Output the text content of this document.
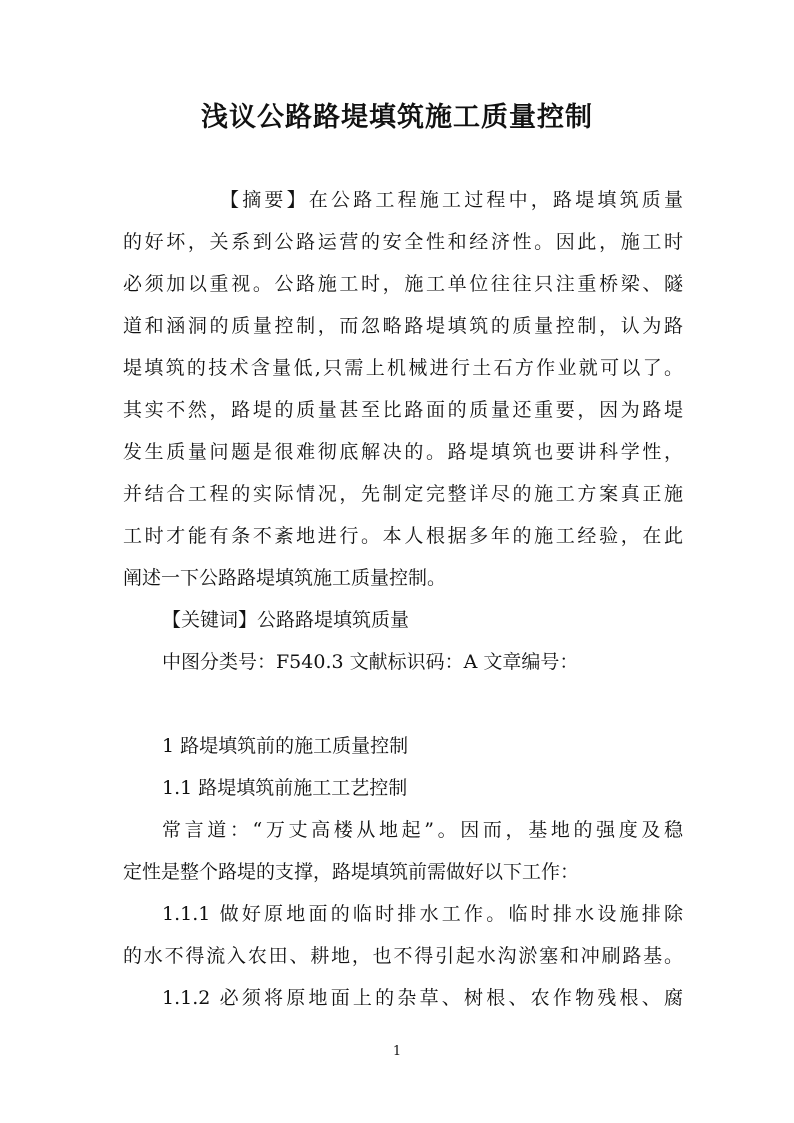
浅议公路路堤填筑施工质量控制
【摘要】在公路工程施工过程中，路堤填筑质量
的好坏，关系到公路运营的安全性和经济性。因此，施工时
必须加以重视。公路施工时，施工单位往往只注重桥梁、隧
道和涵洞的质量控制，而忽略路堤填筑的质量控制，认为路
堤填筑的技术含量低,只需上机械进行土石方作业就可以了。
其实不然，路堤的质量甚至比路面的质量还重要，因为路堤
发生质量问题是很难彻底解决的。路堤填筑也要讲科学性，
并结合工程的实际情况，先制定完整详尽的施工方案真正施
工时才能有条不紊地进行。本人根据多年的施工经验，在此
阐述一下公路路堤填筑施工质量控制。
【关键词】公路路堤填筑质量
中图分类号：F540.3 文献标识码：A 文章编号：
1 路堤填筑前的施工质量控制
1.1 路堤填筑前施工工艺控制
常言道：“万丈高楼从地起”。因而，基地的强度及稳
定性是整个路堤的支撑，路堤填筑前需做好以下工作：
1.1.1 做好原地面的临时排水工作。临时排水设施排除
的水不得流入农田、耕地，也不得引起水沟淤塞和冲刷路基。
1.1.2 必须将原地面上的杂草、树根、农作物残根、腐
1
